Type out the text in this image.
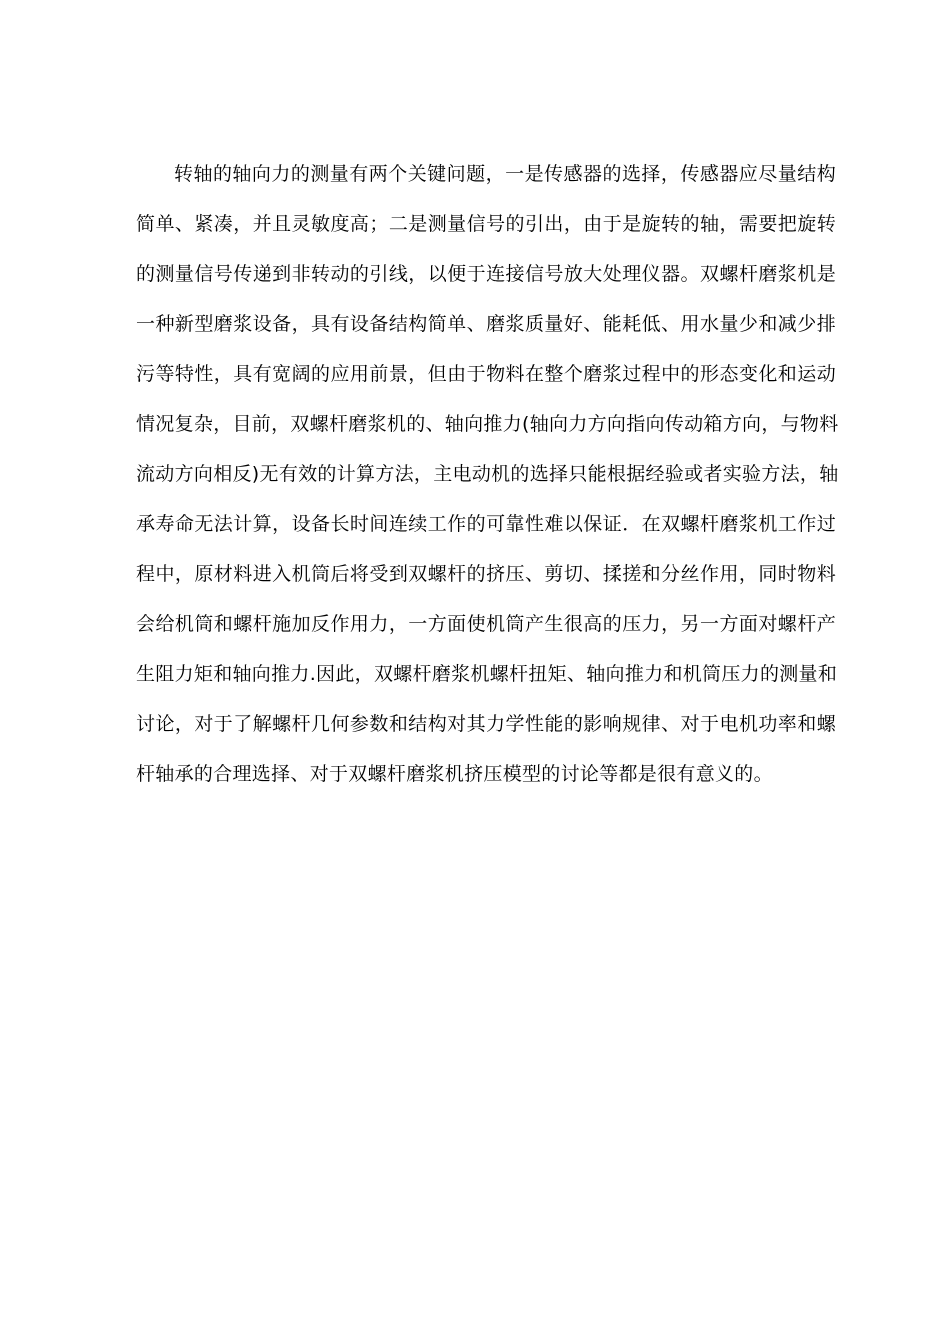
转轴的轴向力的测量有两个关键问题，一是传感器的选择，传感器应尽量结构
简单、紧凑，并且灵敏度高；二是测量信号的引出，由于是旋转的轴，需要把旋转
的测量信号传递到非转动的引线，以便于连接信号放大处理仪器。双螺杆磨浆机是
一种新型磨浆设备，具有设备结构简单、磨浆质量好、能耗低、用水量少和减少排
污等特性，具有宽阔的应用前景，但由于物料在整个磨浆过程中的形态变化和运动
情况复杂，目前，双螺杆磨浆机的、轴向推力(轴向力方向指向传动箱方向，与物料
流动方向相反)无有效的计算方法，主电动机的选择只能根据经验或者实验方法，轴
承寿命无法计算，设备长时间连续工作的可靠性难以保证．在双螺杆磨浆机工作过
程中，原材料进入机筒后将受到双螺杆的挤压、剪切、揉搓和分丝作用，同时物料
会给机筒和螺杆施加反作用力，一方面使机筒产生很高的压力，另一方面对螺杆产
生阻力矩和轴向推力.因此，双螺杆磨浆机螺杆扭矩、轴向推力和机筒压力的测量和
讨论，对于了解螺杆几何参数和结构对其力学性能的影响规律、对于电机功率和螺
杆轴承的合理选择、对于双螺杆磨浆机挤压模型的讨论等都是很有意义的。
